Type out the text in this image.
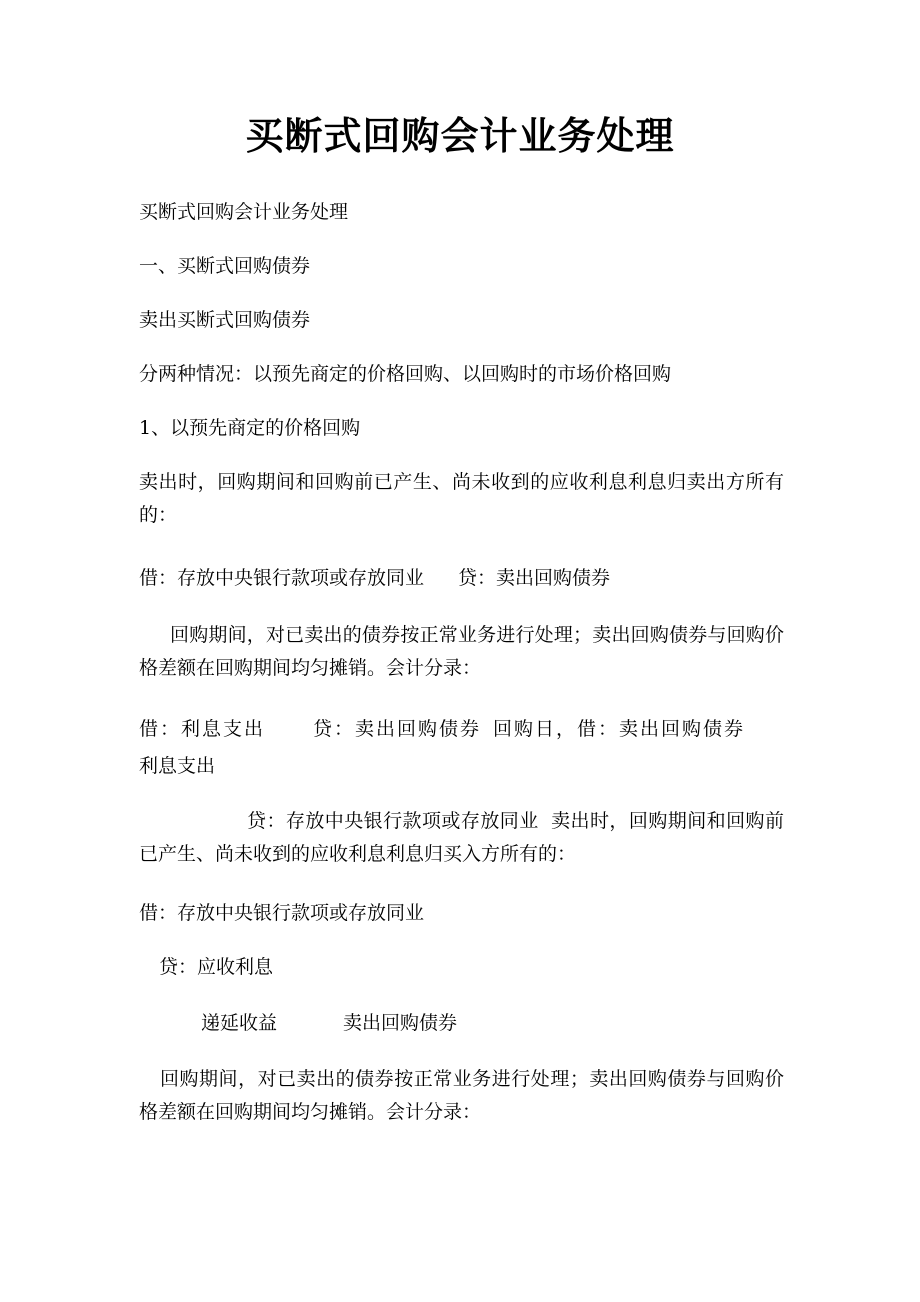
买断式回购会计业务处理

买断式回购会计业务处理

一、买断式回购债券

卖出买断式回购债券

分两种情况：以预先商定的价格回购、以回购时的市场价格回购

1、以预先商定的价格回购

卖出时，回购期间和回购前已产生、尚未收到的应收利息利息归卖出方所有的：

借：存放中央银行款项或存放同业 贷：卖出回购债券

回购期间，对已卖出的债券按正常业务进行处理；卖出回购债券与回购价格差额在回购期间均匀摊销。会计分录：

借：利息支出	贷：卖出回购债券 回购日，借：卖出回购债券

利息支出

贷：存放中央银行款项或存放同业 卖出时，回购期间和回购前已产生、尚未收到的应收利息利息归买入方所有的：

借：存放中央银行款项或存放同业

贷：应收利息

递延收益	卖出回购债券

回购期间，对已卖出的债券按正常业务进行处理；卖出回购债券与回购价格差额在回购期间均匀摊销。会计分录：
